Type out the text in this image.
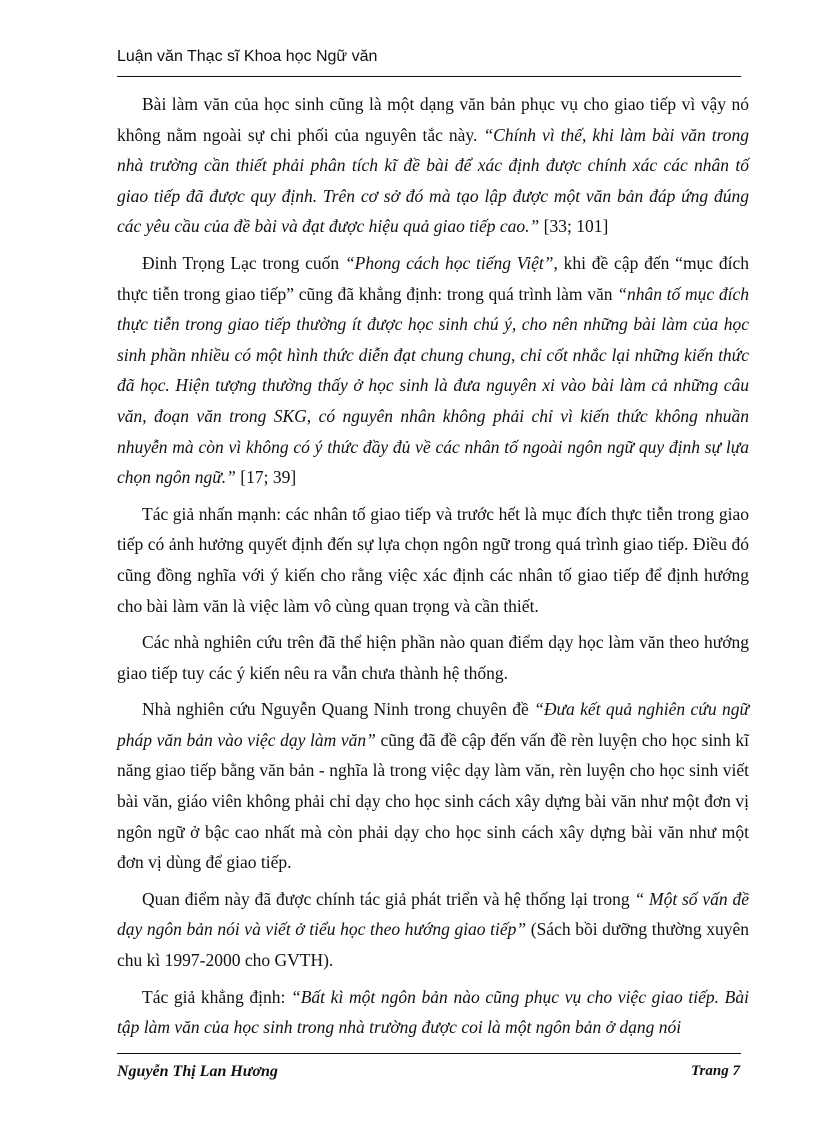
Luận văn Thạc sĩ Khoa học Ngữ văn

Bài làm văn của học sinh cũng là một dạng văn bản phục vụ cho giao tiếp vì vậy nó không nằm ngoài sự chi phối của nguyên tắc này. “Chính vì thế, khi làm bài văn trong nhà trường cần thiết phải phân tích kĩ đề bài để xác định được chính xác các nhân tố giao tiếp đã được quy định. Trên cơ sở đó mà tạo lập được một văn bản đáp ứng đúng các yêu cầu của đề bài và đạt được hiệu quả giao tiếp cao.” [33; 101]

Đinh Trọng Lạc trong cuốn “Phong cách học tiếng Việt”, khi đề cập đến “mục đích thực tiễn trong giao tiếp” cũng đã khẳng định: trong quá trình làm văn “nhân tố mục đích thực tiễn trong giao tiếp thường ít được học sinh chú ý, cho nên những bài làm của học sinh phần nhiều có một hình thức diễn đạt chung chung, chỉ cốt nhắc lại những kiến thức đã học. Hiện tượng thường thấy ở học sinh là đưa nguyên xi vào bài làm cả những câu văn, đoạn văn trong SKG, có nguyên nhân không phải chỉ vì kiến thức không nhuần nhuyễn mà còn vì không có ý thức đầy đủ về các nhân tố ngoài ngôn ngữ quy định sự lựa chọn ngôn ngữ.” [17; 39]

Tác giả nhấn mạnh: các nhân tố giao tiếp và trước hết là mục đích thực tiễn trong giao tiếp có ảnh hưởng quyết định đến sự lựa chọn ngôn ngữ trong quá trình giao tiếp. Điều đó cũng đồng nghĩa với ý kiến cho rằng việc xác định các nhân tố giao tiếp để định hướng cho bài làm văn là việc làm vô cùng quan trọng và cần thiết.

Các nhà nghiên cứu trên đã thể hiện phần nào quan điểm dạy học làm văn theo hướng giao tiếp tuy các ý kiến nêu ra vẫn chưa thành hệ thống.

Nhà nghiên cứu Nguyễn Quang Ninh trong chuyên đề “Đưa kết quả nghiên cứu ngữ pháp văn bản vào việc dạy làm văn” cũng đã đề cập đến vấn đề rèn luyện cho học sinh kĩ năng giao tiếp bằng văn bản - nghĩa là trong việc dạy làm văn, rèn luyện cho học sinh viết bài văn, giáo viên không phải chỉ dạy cho học sinh cách xây dựng bài văn như một đơn vị ngôn ngữ ở bậc cao nhất mà còn phải dạy cho học sinh cách xây dựng bài văn như một đơn vị dùng để giao tiếp.

Quan điểm này đã được chính tác giả phát triển và hệ thống lại trong “ Một số vấn đề dạy ngôn bản nói và viết ở tiểu học theo hướng giao tiếp” (Sách bồi dưỡng thường xuyên chu kì 1997-2000 cho GVTH).

Tác giả khẳng định: “Bất kì một ngôn bản nào cũng phục vụ cho việc giao tiếp. Bài tập làm văn của học sinh trong nhà trường được coi là một ngôn bản ở dạng nói

Nguyễn Thị Lan Hương	Trang 7
